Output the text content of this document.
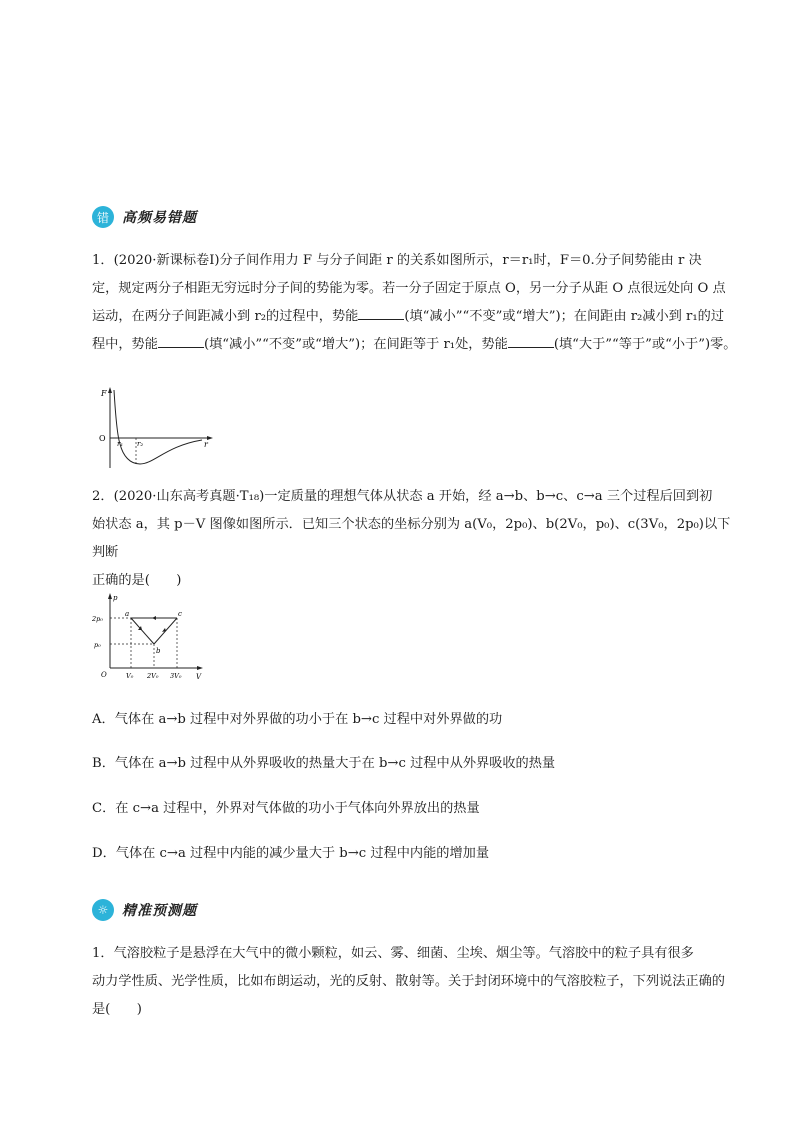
错 高频易错题
1．(2020·新课标卷Ⅰ)分子间作用力 F 与分子间距 r 的关系如图所示，r＝r₁时，F＝0.分子间势能由 r 决
定，规定两分子相距无穷远时分子间的势能为零。若一分子固定于原点 O，另一分子从距 O 点很远处向 O 点
运动，在两分子间距减小到 r₂的过程中，势能	(填“减小”“不变”或“增大”)；在间距由 r₂减小到 r₁的过
程中，势能	(填“减小”“不变”或“增大”)；在间距等于 r₁处，势能	(填“大于”“等于”或“小于”)零。
F
r
O
r₁ r₂
2．(2020·山东高考真题·T₁₈)一定质量的理想气体从状态 a 开始，经 a→b、b→c、c→a 三个过程后回到初
始状态 a，其 p－V 图像如图所示．已知三个状态的坐标分别为 a(V₀，2p₀)、b(2V₀，p₀)、c(3V₀，2p₀)以下判断
正确的是(　　)
p
V
O
2p₀
p₀
a
b
c
V₀ 2V₀ 3V₀
A．气体在 a→b 过程中对外界做的功小于在 b→c 过程中对外界做的功
B．气体在 a→b 过程中从外界吸收的热量大于在 b→c 过程中从外界吸收的热量
C．在 c→a 过程中，外界对气体做的功小于气体向外界放出的热量
D．气体在 c→a 过程中内能的减少量大于 b→c 过程中内能的增加量
☼ 精准预测题
1．气溶胶粒子是悬浮在大气中的微小颗粒，如云、雾、细菌、尘埃、烟尘等。气溶胶中的粒子具有很多
动力学性质、光学性质，比如布朗运动，光的反射、散射等。关于封闭环境中的气溶胶粒子，下列说法正确的
是(　　)
